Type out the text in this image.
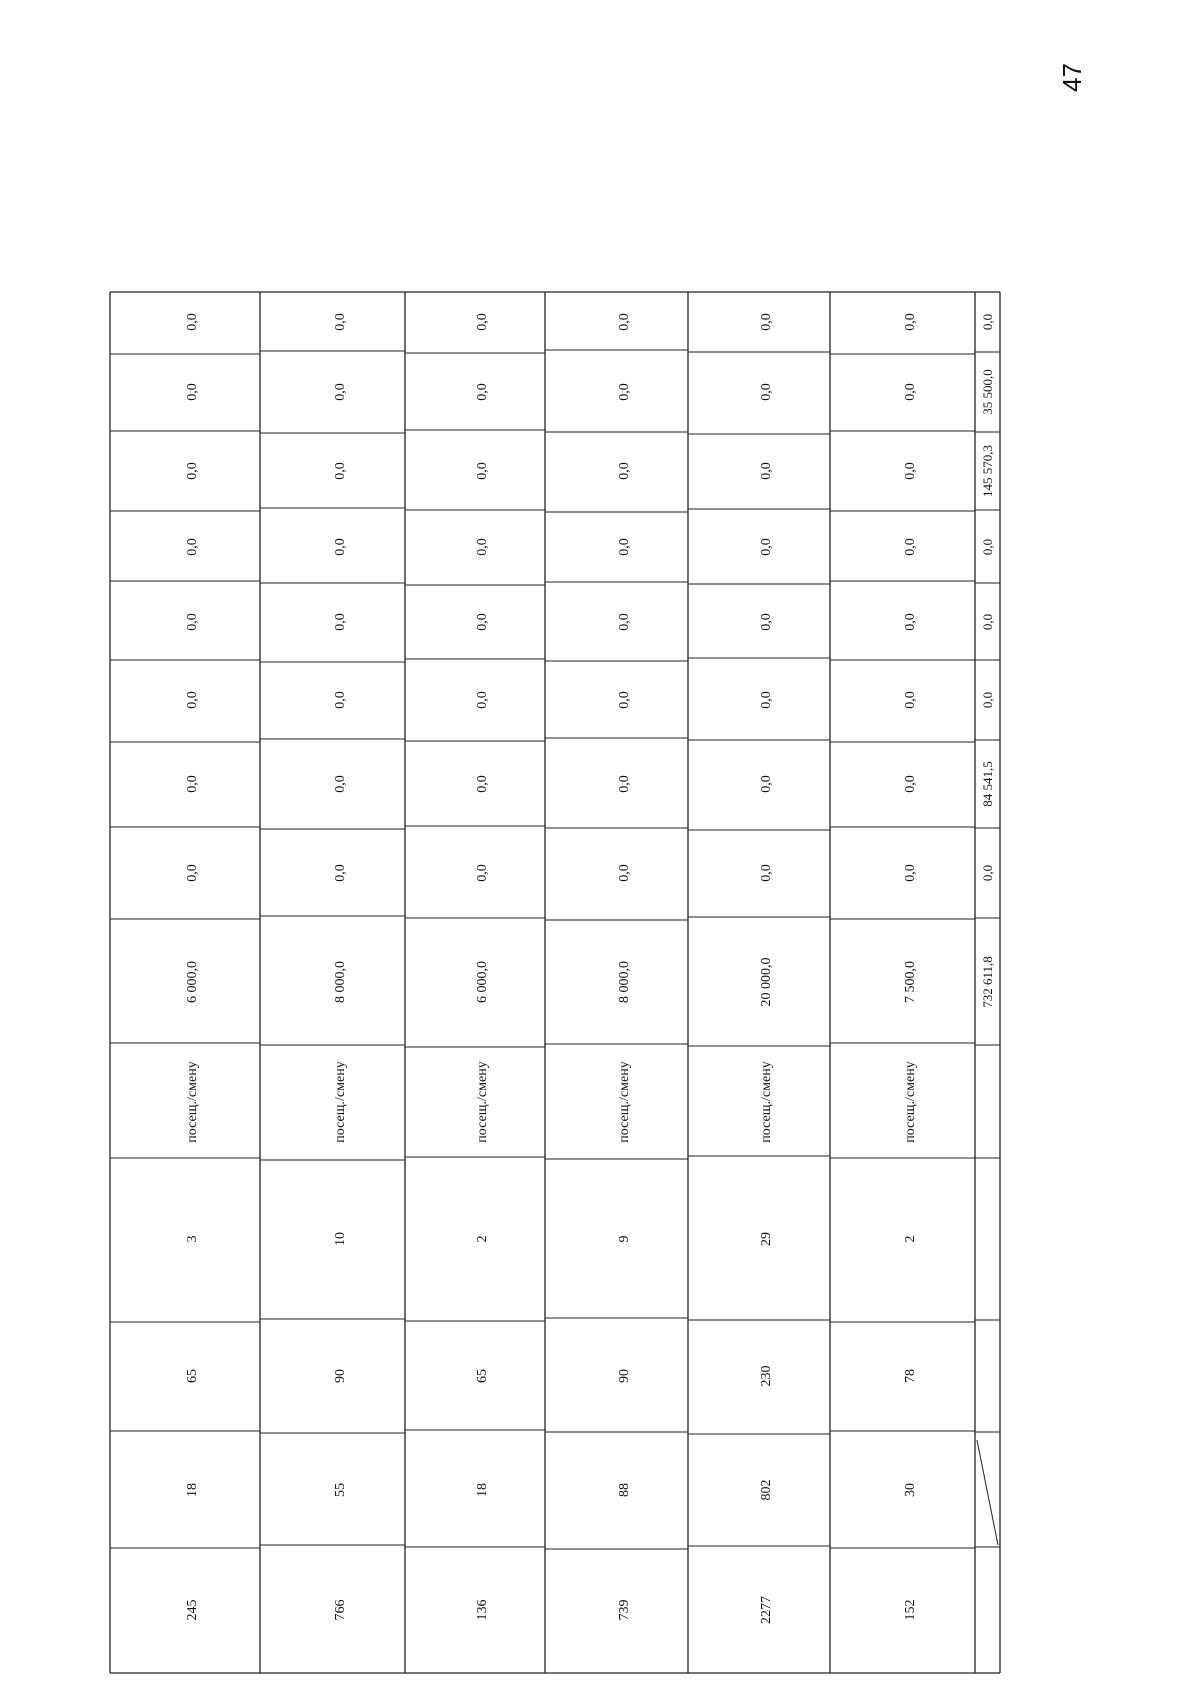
47
245
18
65
3
посещ./смену
6 000,0
0,0
0,0
0,0
0,0
0,0
0,0
0,0
0,0
766
55
90
10
посещ./смену
8 000,0
0,0
0,0
0,0
0,0
0,0
0,0
0,0
0,0
136
18
65
2
посещ./смену
6 000,0
0,0
0,0
0,0
0,0
0,0
0,0
0,0
0,0
739
88
90
9
посещ./смену
8 000,0
0,0
0,0
0,0
0,0
0,0
0,0
0,0
0,0
2277
802
230
29
посещ./смену
20 000,0
0,0
0,0
0,0
0,0
0,0
0,0
0,0
0,0
152
30
78
2
посещ./смену
7 500,0
0,0
0,0
0,0
0,0
0,0
0,0
0,0
0,0
732 611,8
0,0
84 541,5
0,0
0,0
0,0
145 570,3
35 500,0
0,0
